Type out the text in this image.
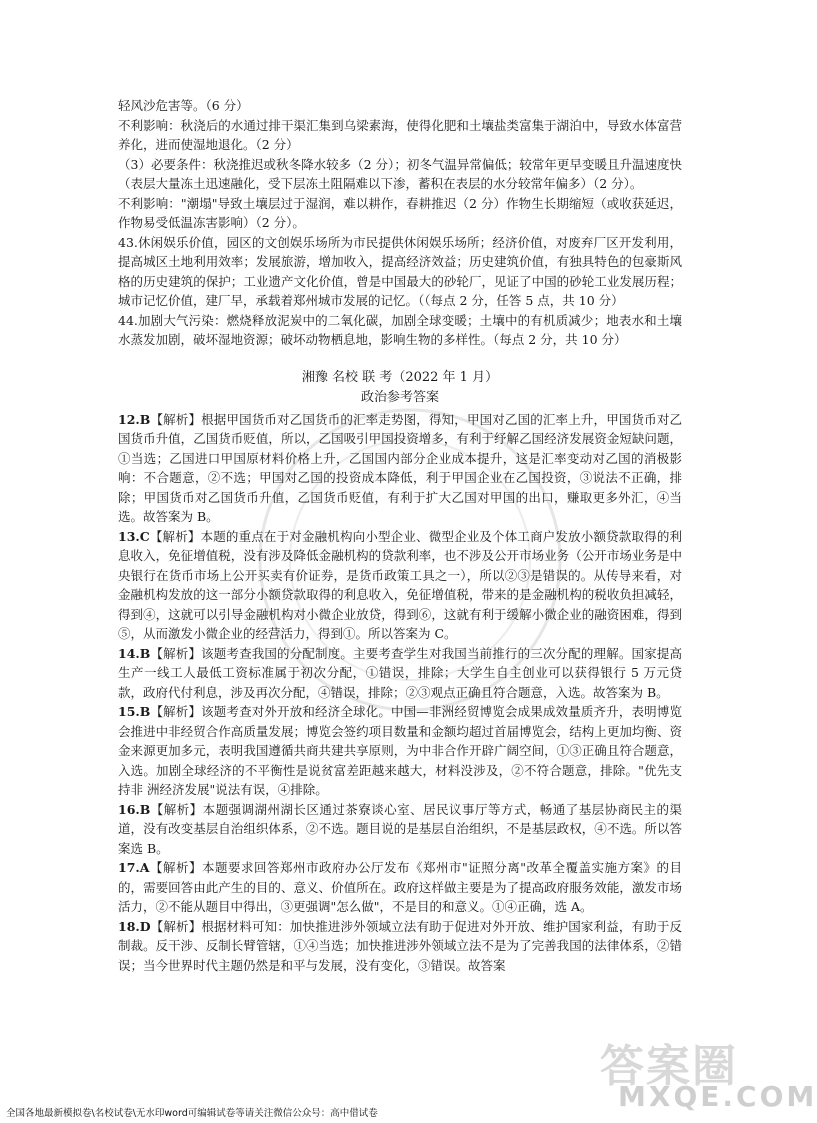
轻风沙危害等。（6 分）

不利影响：秋浇后的水通过排干渠汇集到乌梁素海，使得化肥和土壤盐类富集于湖泊中，导致水体富营养化，进而使湿地退化。（2 分）

（3）必要条件：秋浇推迟或秋冬降水较多（2 分）；初冬气温异常偏低；较常年更早变暖且升温速度快（表层大量冻土迅速融化，受下层冻土阻隔难以下渗，蓄积在表层的水分较常年偏多）（2 分）。

不利影响："潮塌"导致土壤层过于湿润，难以耕作，春耕推迟（2 分）作物生长期缩短（或收获延迟，作物易受低温冻害影响）（2 分）。

43.休闲娱乐价值，园区的文创娱乐场所为市民提供休闲娱乐场所；经济价值，对废弃厂区开发利用，提高城区土地利用效率；发展旅游，增加收入，提高经济效益；历史建筑价值，有独具特色的包豪斯风格的历史建筑的保护；工业遗产文化价值，曾是中国最大的砂轮厂，见证了中国的砂轮工业发展历程；城市记忆价值，建厂早，承载着郑州城市发展的记忆。（（每点 2 分，任答 5 点，共 10 分）

44.加剧大气污染：燃烧释放泥炭中的二氧化碳，加剧全球变暖；土壤中的有机质减少；地表水和土壤水蒸发加剧，破坏湿地资源；破坏动物栖息地，影响生物的多样性。（每点 2 分，共 10 分）

湘豫 名校 联 考（2022 年 1 月）
政治参考答案

12.B【解析】根据甲国货币对乙国货币的汇率走势图，得知，甲国对乙国的汇率上升，甲国货币对乙国货币升值，乙国货币贬值，所以，乙国吸引甲国投资增多，有利于纾解乙国经济发展资金短缺问题，①当选；乙国进口甲国原材料价格上升，乙国国内部分企业成本提升，这是汇率变动对乙国的消极影响：不合题意，②不选；甲国对乙国的投资成本降低，利于甲国企业在乙国投资，③说法不正确，排除；甲国货币对乙国货币升值，乙国货币贬值，有利于扩大乙国对甲国的出口，赚取更多外汇，④当选。故答案为 B。

13.C【解析】本题的重点在于对金融机构向小型企业、微型企业及个体工商户发放小额贷款取得的利息收入，免征增值税，没有涉及降低金融机构的贷款利率，也不涉及公开市场业务（公开市场业务是中央银行在货币市场上公开买卖有价证券，是货币政策工具之一），所以②③是错误的。从传导来看，对金融机构发放的这一部分小额贷款取得的利息收入，免征增值税，带来的是金融机构的税收负担减轻，得到④，这就可以引导金融机构对小微企业放贷，得到⑥，这就有利于缓解小微企业的融资困难，得到⑤，从而激发小微企业的经营活力，得到①。所以答案为 C。

14.B【解析】该题考查我国的分配制度。主要考查学生对我国当前推行的三次分配的理解。国家提高生产一线工人最低工资标准属于初次分配，①错误，排除；大学生自主创业可以获得银行 5 万元贷款，政府代付利息，涉及再次分配，④错误，排除；②③观点正确且符合题意，入选。故答案为 B。

15.B【解析】该题考查对外开放和经济全球化。中国—非洲经贸博览会成果成效量质齐升，表明博览会推进中非经贸合作高质量发展；博览会签约项目数量和金额均超过首届博览会，结构上更加均衡、资金来源更加多元，表明我国遵循共商共建共享原则，为中非合作开辟广阔空间，①③正确且符合题意，入选。加剧全球经济的不平衡性是说贫富差距越来越大，材料没涉及，②不符合题意，排除。"优先支持非 洲经济发展"说法有误，④排除。

16.B【解析】本题强调湖州湖长区通过茶寮谈心室、居民议事厅等方式，畅通了基层协商民主的渠道，没有改变基层自治组织体系，②不选。题目说的是基层自治组织，不是基层政权，④不选。所以答案选 B。

17.A【解析】本题要求回答郑州市政府办公厅发布《郑州市"证照分离"改革全覆盖实施方案》的目的，需要回答由此产生的目的、意义、价值所在。政府这样做主要是为了提高政府服务效能，激发市场活力，②不能从题目中得出，③更强调"怎么做"，不是目的和意义。①④正确，选 A。

18.D【解析】根据材料可知：加快推进涉外领域立法有助于促进对外开放、维护国家利益，有助于反制裁。反干涉、反制长臂管辖，①④当选；加快推进涉外领域立法不是为了完善我国的法律体系，②错误；当今世界时代主题仍然是和平与发展，没有变化，③错误。故答案

答案圈
MXQE.COM
全国各地最新模拟卷\名校试卷\无水印word可编辑试卷等请关注微信公众号：高中借试卷
